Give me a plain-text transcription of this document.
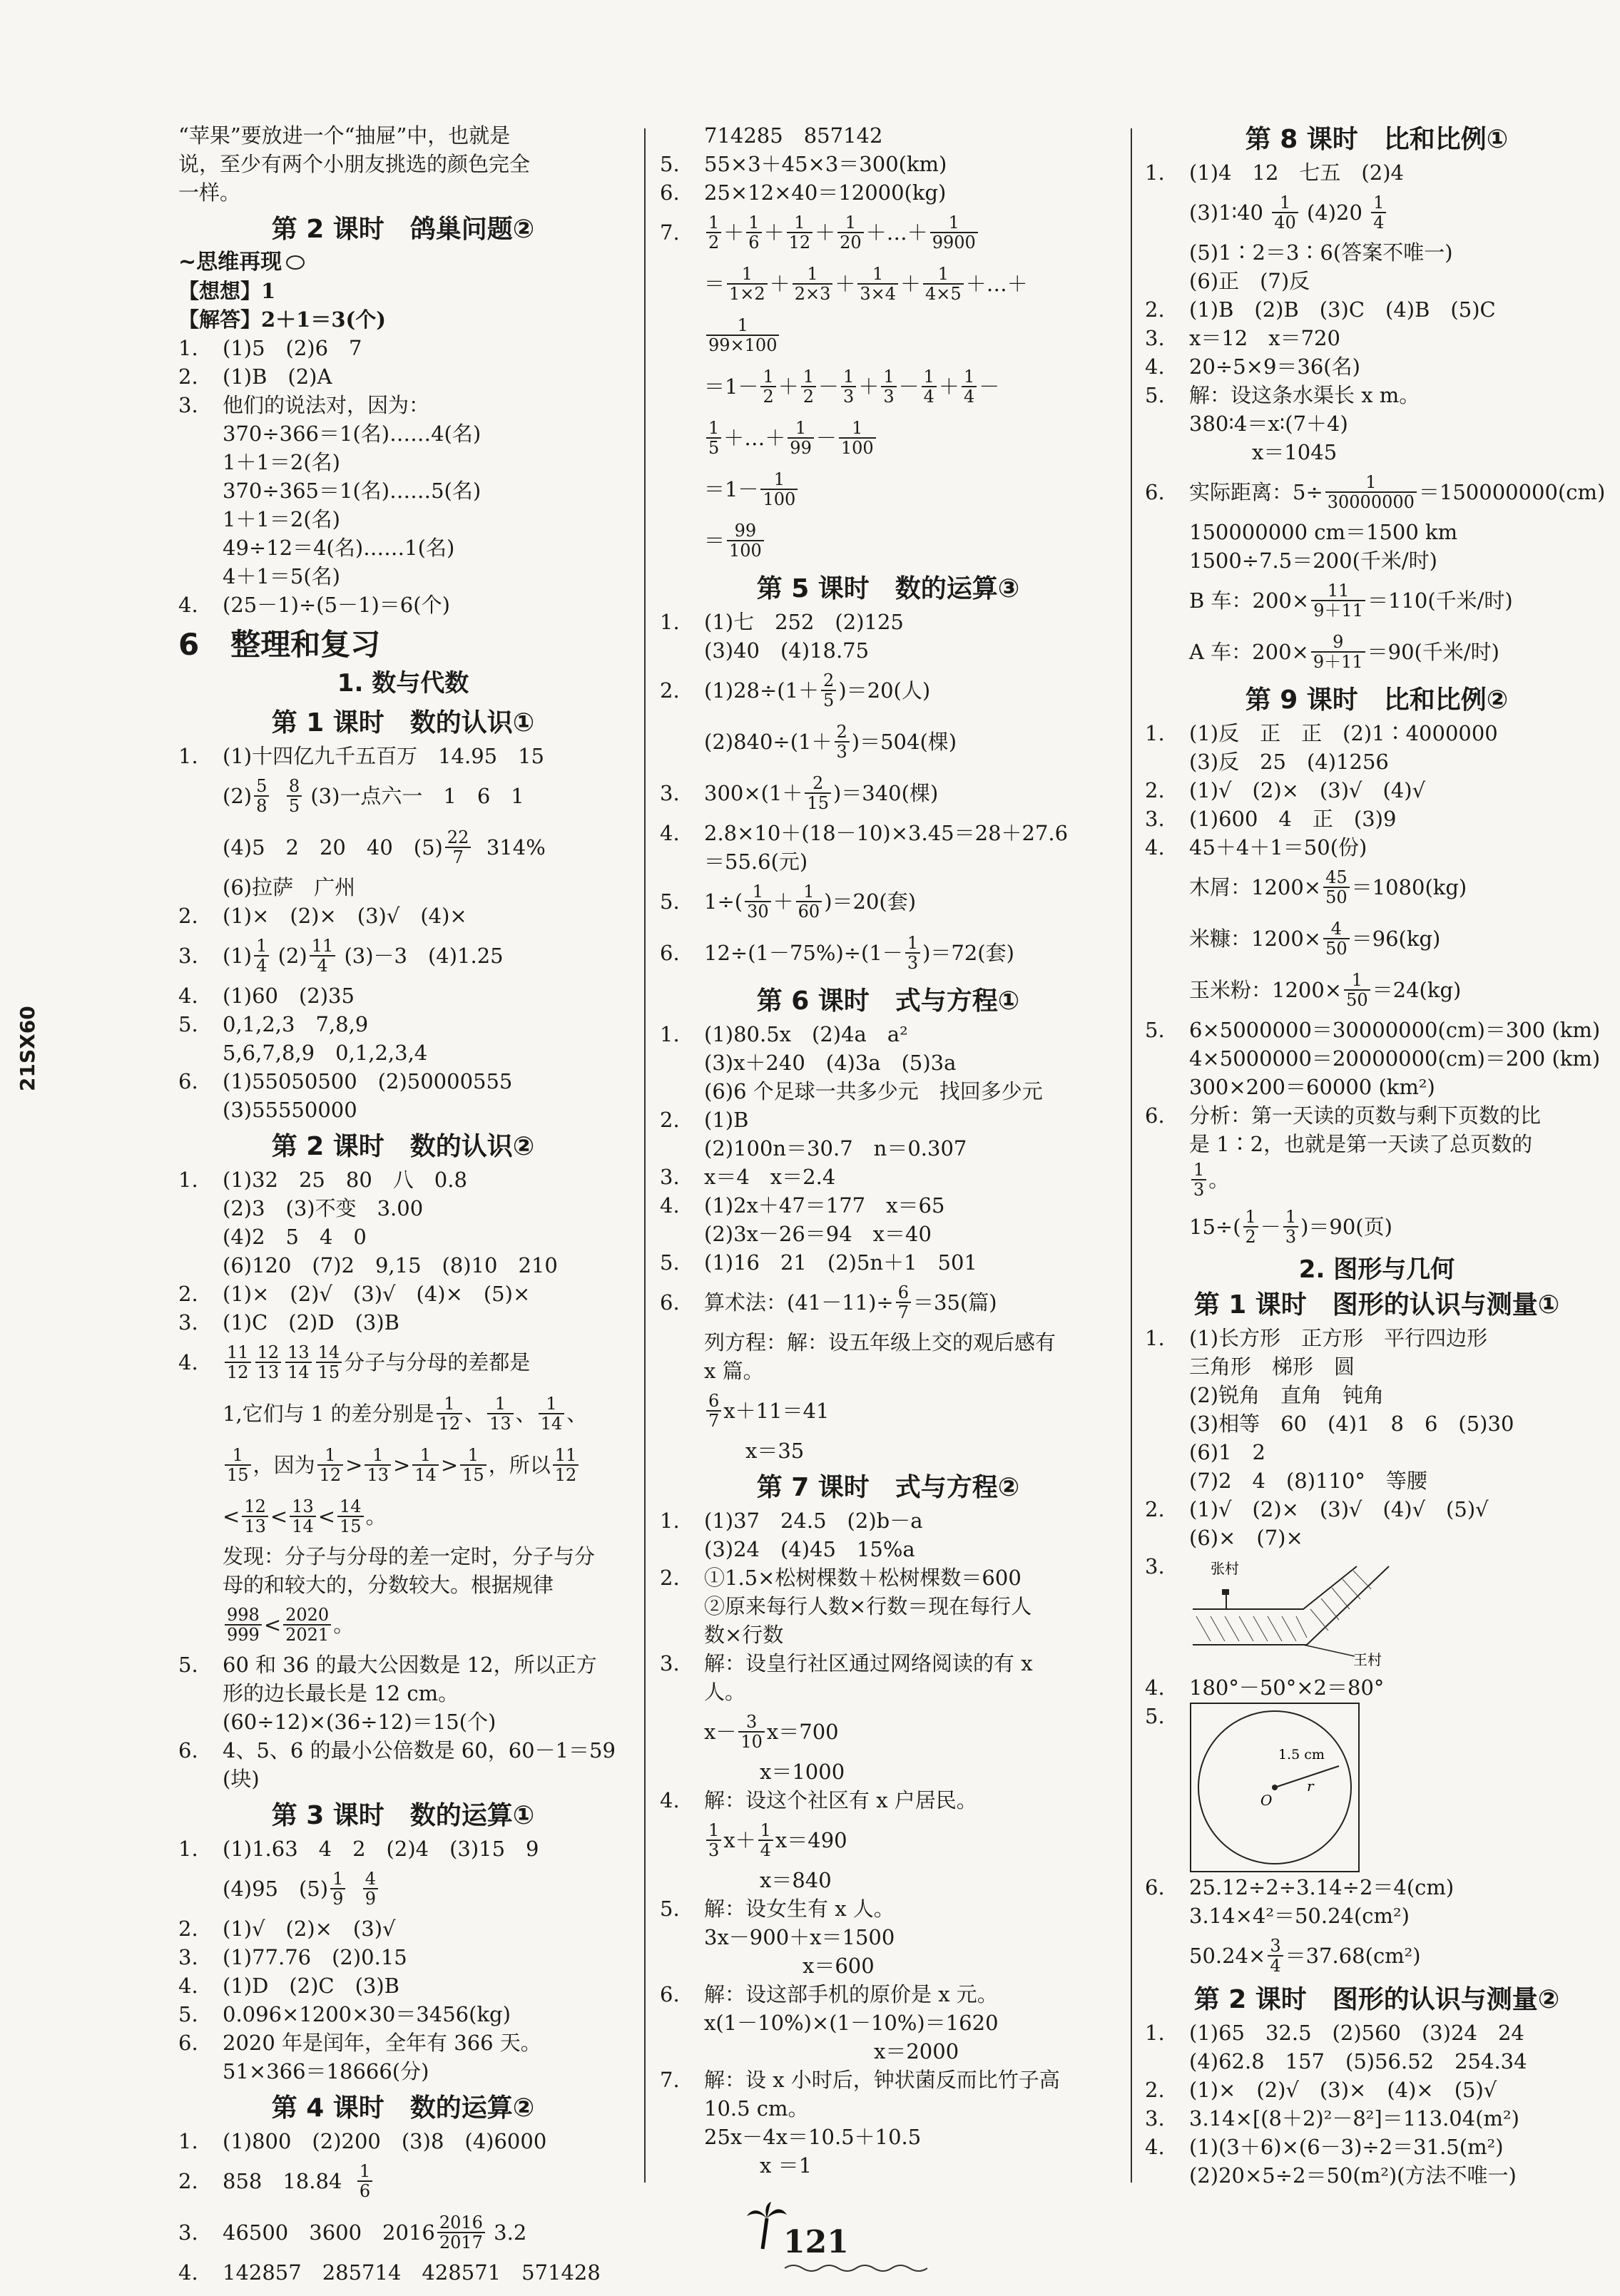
21SX60
“苹果”要放进一个“抽屉”中，也就是
说，至少有两个小朋友挑选的颜色完全
一样。
第 2 课时　鸽巢问题②
~ 思维再现
【想想】1
【解答】2＋1＝3(个)
1. (1)5　(2)6　7
2. (1)B　(2)A
3. 他们的说法对，因为：
370÷366＝1(名)……4(名)
1＋1＝2(名)
370÷365＝1(名)……5(名)
1＋1＝2(名)
49÷12＝4(名)……1(名)
4＋1＝5(名)
4. (25－1)÷(5－1)＝6(个)
6 整理和复习
1. 数与代数
第 1 课时　数的认识①
1. (1)十四亿九千五百万　14.95　15
$(2) \frac{5}{8}$
$\frac{8}{5}$
(3)一点六一　1　6　1
(4)5　2　20　40　$(5) \frac{22}{7}$
314%
(6)拉萨　广州
2. (1)×　(2)×　(3)√　(4)×
3. $(1) \frac{1}{4}$
$(2) \frac{11}{4}$
(3)－3　(4)1.25
4. (1)60　(2)35
5. 0,1,2,3　7,8,9
5,6,7,8,9　0,1,2,3,4
6. (1)55050500　(2)50000555
(3)55550000
第 2 课时　数的认识②
1. (1)32　25　80　八　0.8
(2)3　(3)不变　3.00
(4)2　5　4　0
(6)120　(7)2　9,15　(8)10　210
2. (1)×　(2)√　(3)√　(4)×　(5)×
3. (1)C　(2)D　(3)B
4. $\frac{11}{12} \frac{12}{13} \frac{13}{14} \frac{14}{15}$ 分子与分母的差都是
1,它们与 1 的差分别是 $\frac{1}{12}$ 、 $\frac{1}{13}$ 、 $\frac{1}{14}$ 、
$\frac{1}{15}$ ， 因为 $\frac{1}{12} > \frac{1}{13} > \frac{1}{14} > \frac{1}{15}$ ， 所以 $\frac{11}{12}$
< $\frac{12}{13} < \frac{13}{14} < \frac{14}{15}$ 。
发现：分子与分母的差一定时，分子与分
母的和较大的，分数较大。根据规律
$\frac{998}{999} < \frac{2020}{2021}$ 。
5. 60 和 36 的最大公因数是 12，所以正方
形的边长最长是 12 cm。
(60÷12)×(36÷12)＝15(个)
6. 4、5、6 的最小公倍数是 60，60－1＝59
(块)
第 3 课时　数的运算①
1. (1)1.63　4　2　(2)4　(3)15　9
(4)95　$(5) \frac{1}{9}$
$\frac{4}{9}$
2. (1)√　(2)×　(3)√
3. (1)77.76　(2)0.15
4. (1)D　(2)C　(3)B
5. 0.096×1200×30＝3456(kg)
6. 2020 年是闰年，全年有 366 天。
51×366＝18666(分)
第 4 课时　数的运算②
1. (1)800　(2)200　(3)8　(4)6000
2. 858　18.84
$\frac{1}{6}$
3. 46500　3600　$2016 \frac{2016}{2017}$
3.2
4. 142857　285714　428571　571428
714285　857142
5. 55×3＋45×3＝300(km)
6. 25×12×40＝12000(kg)
7. $\frac{1}{2} + \frac{1}{6} + \frac{1}{12} + \frac{1}{20}$ ＋…＋ $\frac{1}{9900}$
＝ $\frac{1}{1\times 2} + \frac{1}{2\times 3} + \frac{1}{3\times 4} + \frac{1}{4\times 5}$ ＋…＋
$\frac{1}{99\times 100}$
$=1- \frac{1}{2} + \frac{1}{2} - \frac{1}{3} + \frac{1}{3} - \frac{1}{4} + \frac{1}{4}$ －
$\frac{1}{5}$ ＋…＋ $\frac{1}{99} - \frac{1}{100}$
$=1- \frac{1}{100}$
＝ $\frac{99}{100}$
第 5 课时　数的运算③
1. (1)七　252　(2)125
(3)40　(4)18.75
2. $(1)28\div(1+ \frac{2}{5} )=20$(人)
$(2)840\div(1+ \frac{2}{3} )=504$(棵)
3. $300\times(1+ \frac{2}{15} )=340$(棵)
4. 2.8×10＋(18－10)×3.45＝28＋27.6
＝55.6(元)
5. $1\div( \frac{1}{30} + \frac{1}{60} )=20$(套)
6. $12\div(1-75\%)\div(1- \frac{1}{3} )=72$(套)
第 6 课时　式与方程①
1. (1)80.5x　(2)4a　a²
(3)x＋240　(4)3a　(5)3a
(6)6 个足球一共多少元　找回多少元
2. (1)B
(2)100n＝30.7　n＝0.307
3. x＝4　x＝2.4
4. (1)2x＋47＝177　x＝65
(2)3x－26＝94　x＝40
5. (1)16　21　(2)5n＋1　501
6. 算术法：$(41-11)\div \frac{6}{7} =35$(篇)
列方程：解：设五年级上交的观后感有
x 篇。
$\frac{6}{7} x+11=41$
x＝35
第 7 课时　式与方程②
1. (1)37　24.5　(2)b－a
(3)24　(4)45　15%a
2. ①1.5×松树棵数＋松树棵数＝600
②原来每行人数×行数＝现在每行人
数×行数
3. 解：设皇行社区通过网络阅读的有 x
人。
$x- \frac{3}{10} x=700$
x＝1000
4. 解：设这个社区有 x 户居民。
$\frac{1}{3} x+ \frac{1}{4} x=490$
x＝840
5. 解：设女生有 x 人。
3x－900＋x＝1500
x＝600
6. 解：设这部手机的原价是 x 元。
x(1－10%)×(1－10%)＝1620
x＝2000
7. 解：设 x 小时后，钟状菌反而比竹子高
10.5 cm。
25x－4x＝10.5＋10.5
x ＝1
第 8 课时　比和比例①
1. (1)4　12　七五　(2)4
(3)1∶40
$\frac{1}{40}$
(4)20
$\frac{1}{4}$
(5)1∶2＝3∶6(答案不唯一)
(6)正　(7)反
2. (1)B　(2)B　(3)C　(4)B　(5)C
3. x＝12　x＝720
4. 20÷5×9＝36(名)
5. 解：设这条水渠长 x m。
380∶4＝x∶(7＋4)
x＝1045
6. 实际距离：$5\div \frac{1}{30000000} =150000000(cm)$
150000000 cm＝1500 km
1500÷7.5＝200(千米/时)
B 车：$200\times \frac{11}{9+11} =110$(千米/时)
A 车：$200\times \frac{9}{9+11} =90$(千米/时)
第 9 课时　比和比例②
1. (1)反　正　正　(2)1∶4000000
(3)反　25　(4)1256
2. (1)√　(2)×　(3)√　(4)√
3. (1)600　4　正　(3)9
4. 45＋4＋1＝50(份)
木屑：$1200\times \frac{45}{50} =1080(kg)$
米糠：$1200\times \frac{4}{50} =96(kg)$
玉米粉：$1200\times \frac{1}{50} =24(kg)$
5. 6×5000000＝30000000(cm)＝300 (km)
4×5000000＝20000000(cm)＝200 (km)
300×200＝60000 (km²)
6. 分析：第一天读的页数与剩下页数的比
是 1∶2，也就是第一天读了总页数的
$\frac{1}{3}$ 。
$15\div( \frac{1}{2} - \frac{1}{3} )=90$(页)
2. 图形与几何
第 1 课时　图形的认识与测量①
1. (1)长方形　正方形　平行四边形
三角形　梯形　圆
(2)锐角　直角　钝角
(3)相等　60　(4)1　8　6　(5)30
(6)1　2
(7)2　4　(8)110°　等腰
2. (1)√　(2)×　(3)√　(4)√　(5)√
(6)×　(7)×
3.	张村
王村
4. 180°－50°×2＝80°
5.
1.5 cm
O
r
6. 25.12÷2÷3.14÷2＝4(cm)
3.14×4²＝50.24(cm²)
$50.24\times \frac{3}{4} =37.68(cm^2)$
第 2 课时　图形的认识与测量②
1. (1)65　32.5　(2)560　(3)24　24
(4)62.8　157　(5)56.52　254.34
2. (1)×　(2)√　(3)×　(4)×　(5)√
3. 3.14×[(8＋2)²－8²]＝113.04(m²)
4. (1)(3＋6)×(6－3)÷2＝31.5(m²)
(2)20×5÷2＝50(m²)(方法不唯一)
121
